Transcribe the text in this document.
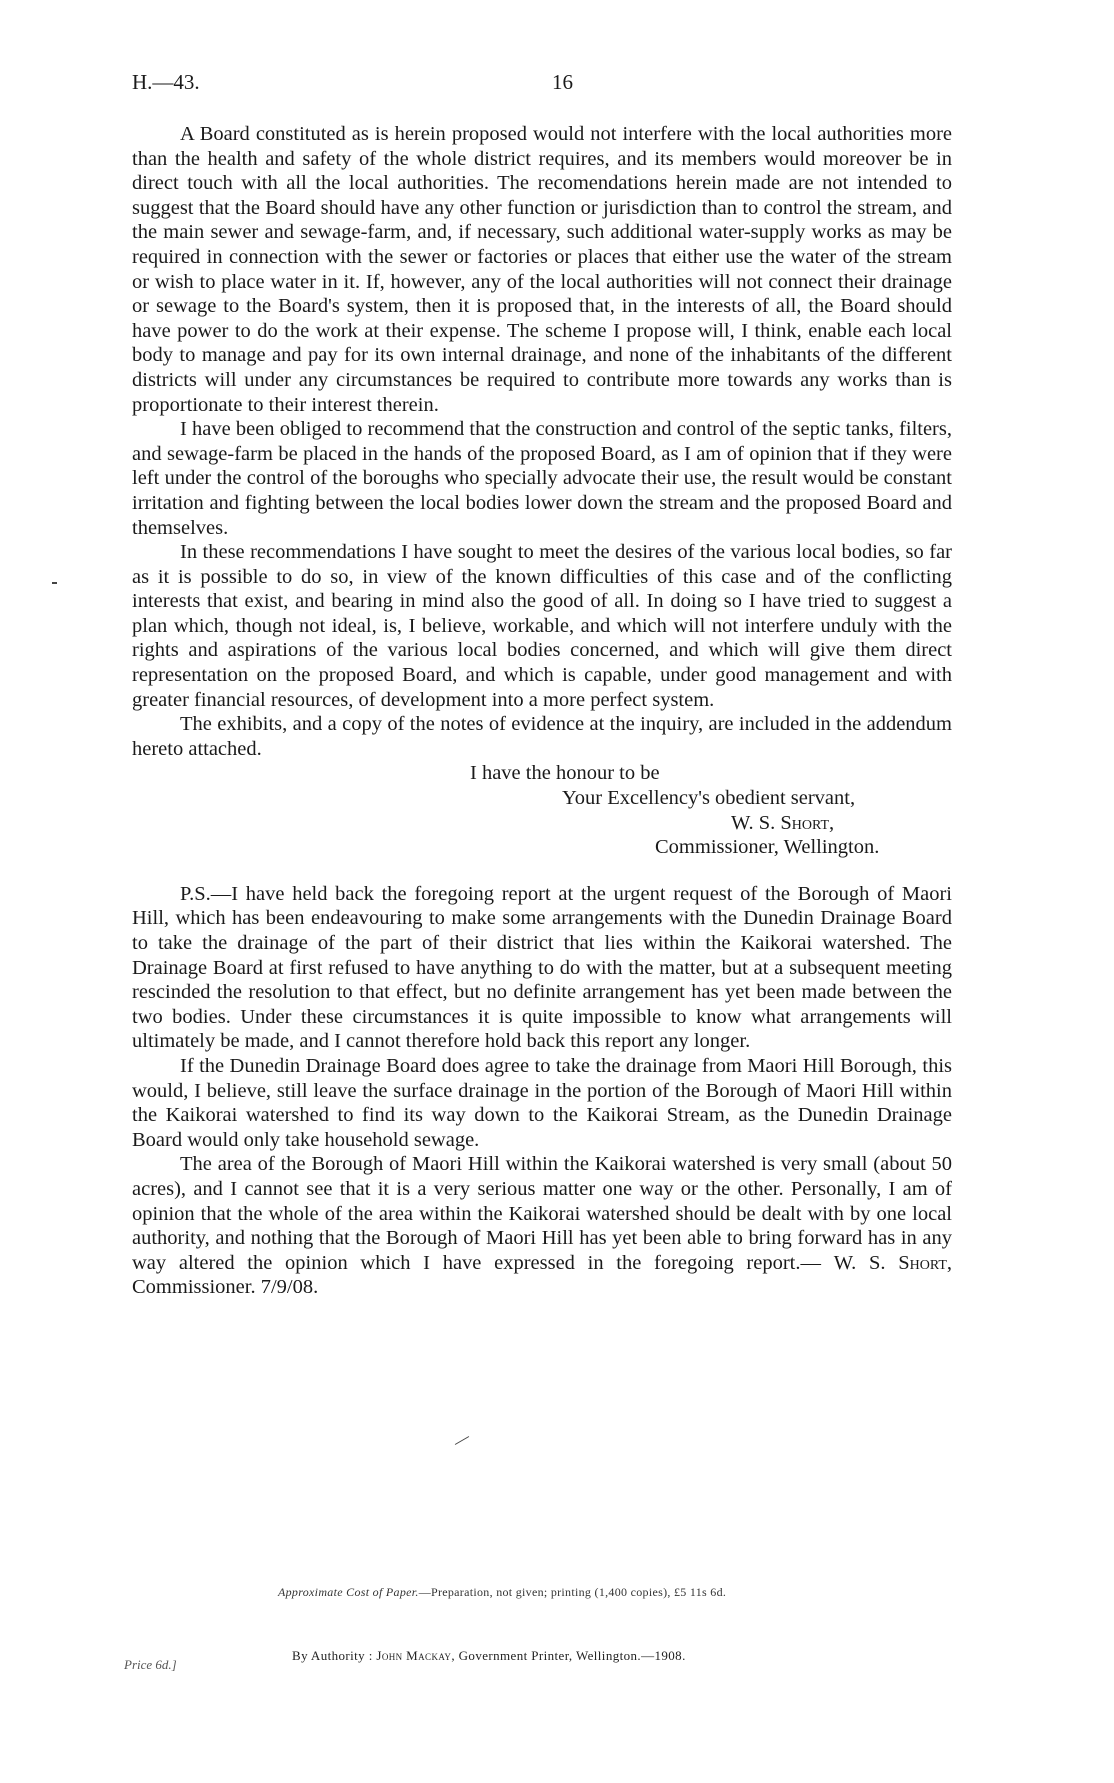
H.—43.	16

A Board constituted as is herein proposed would not interfere with the local authorities more than the health and safety of the whole district requires, and its members would moreover be in direct touch with all the local authorities. The recomendations herein made are not intended to suggest that the Board should have any other function or jurisdiction than to control the stream, and the main sewer and sewage-farm, and, if necessary, such additional water-supply works as may be required in connection with the sewer or factories or places that either use the water of the stream or wish to place water in it. If, however, any of the local authorities will not connect their drainage or sewage to the Board's system, then it is proposed that, in the interests of all, the Board should have power to do the work at their expense. The scheme I propose will, I think, enable each local body to manage and pay for its own internal drainage, and none of the inhabitants of the different districts will under any circumstances be required to contribute more towards any works than is proportionate to their interest therein.

I have been obliged to recommend that the construction and control of the septic tanks, filters, and sewage-farm be placed in the hands of the proposed Board, as I am of opinion that if they were left under the control of the boroughs who specially advocate their use, the result would be constant irritation and fighting between the local bodies lower down the stream and the proposed Board and themselves.

In these recommendations I have sought to meet the desires of the various local bodies, so far as it is possible to do so, in view of the known difficulties of this case and of the conflicting interests that exist, and bearing in mind also the good of all. In doing so I have tried to suggest a plan which, though not ideal, is, I believe, workable, and which will not interfere unduly with the rights and aspirations of the various local bodies concerned, and which will give them direct representation on the proposed Board, and which is capable, under good management and with greater financial resources, of development into a more perfect system.

The exhibits, and a copy of the notes of evidence at the inquiry, are included in the addendum hereto attached.

I have the honour to be
Your Excellency's obedient servant,
W. S. Short,
Commissioner, Wellington.

P.S.—I have held back the foregoing report at the urgent request of the Borough of Maori Hill, which has been endeavouring to make some arrangements with the Dunedin Drainage Board to take the drainage of the part of their district that lies within the Kaikorai watershed. The Drainage Board at first refused to have anything to do with the matter, but at a subsequent meeting rescinded the resolution to that effect, but no definite arrangement has yet been made between the two bodies. Under these circumstances it is quite impossible to know what arrangements will ultimately be made, and I cannot therefore hold back this report any longer.

If the Dunedin Drainage Board does agree to take the drainage from Maori Hill Borough, this would, I believe, still leave the surface drainage in the portion of the Borough of Maori Hill within the Kaikorai watershed to find its way down to the Kaikorai Stream, as the Dunedin Drainage Board would only take household sewage.

The area of the Borough of Maori Hill within the Kaikorai watershed is very small (about 50 acres), and I cannot see that it is a very serious matter one way or the other. Personally, I am of opinion that the whole of the area within the Kaikorai watershed should be dealt with by one local authority, and nothing that the Borough of Maori Hill has yet been able to bring forward has in any way altered the opinion which I have expressed in the foregoing report.— W. S. Short, Commissioner. 7/9/08.

Approximate Cost of Paper.—Preparation, not given; printing (1,400 copies), £5 11s 6d.
By Authority : John Mackay, Government Printer, Wellington.—1908.
Price 6d.]
